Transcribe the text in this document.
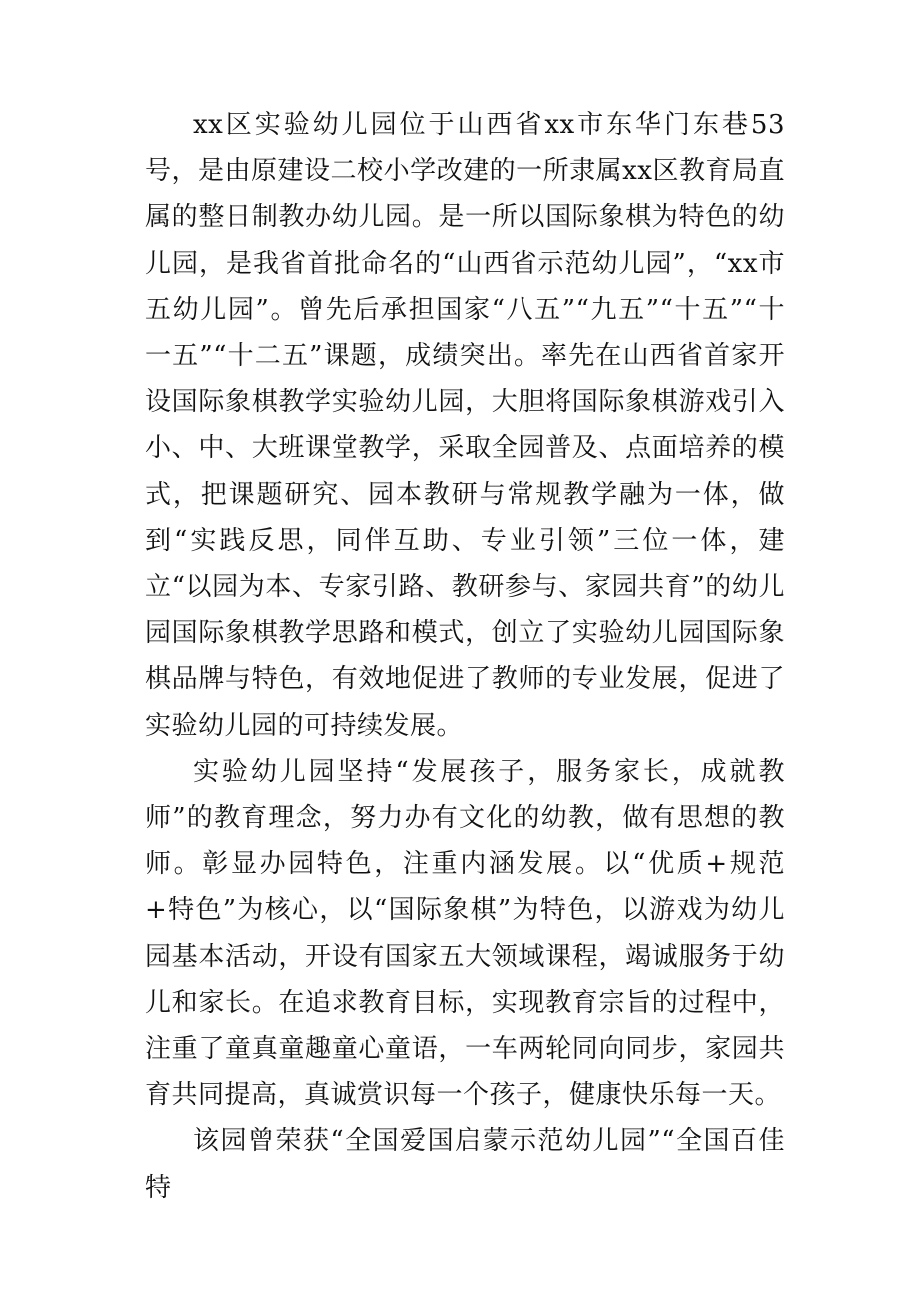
xx区实验幼儿园位于山西省xx市东华门东巷53号，是由原建设二校小学改建的一所隶属xx区教育局直属的整日制教办幼儿园。是一所以国际象棋为特色的幼儿园，是我省首批命名的“山西省示范幼儿园”，“xx市五幼儿园”。曾先后承担国家“八五”“九五”“十五”“十一五”“十二五”课题，成绩突出。率先在山西省首家开设国际象棋教学实验幼儿园，大胆将国际象棋游戏引入小、中、大班课堂教学，采取全园普及、点面培养的模式，把课题研究、园本教研与常规教学融为一体，做到“实践反思，同伴互助、专业引领”三位一体，建立“以园为本、专家引路、教研参与、家园共育”的幼儿园国际象棋教学思路和模式，创立了实验幼儿园国际象棋品牌与特色，有效地促进了教师的专业发展，促进了实验幼儿园的可持续发展。

实验幼儿园坚持“发展孩子，服务家长，成就教师”的教育理念，努力办有文化的幼教，做有思想的教师。彰显办园特色，注重内涵发展。以“优质+规范+特色”为核心，以“国际象棋”为特色，以游戏为幼儿园基本活动，开设有国家五大领域课程，竭诚服务于幼儿和家长。在追求教育目标，实现教育宗旨的过程中，注重了童真童趣童心童语，一车两轮同向同步，家园共育共同提高，真诚赏识每一个孩子，健康快乐每一天。

该园曾荣获“全国爱国启蒙示范幼儿园”“全国百佳特
